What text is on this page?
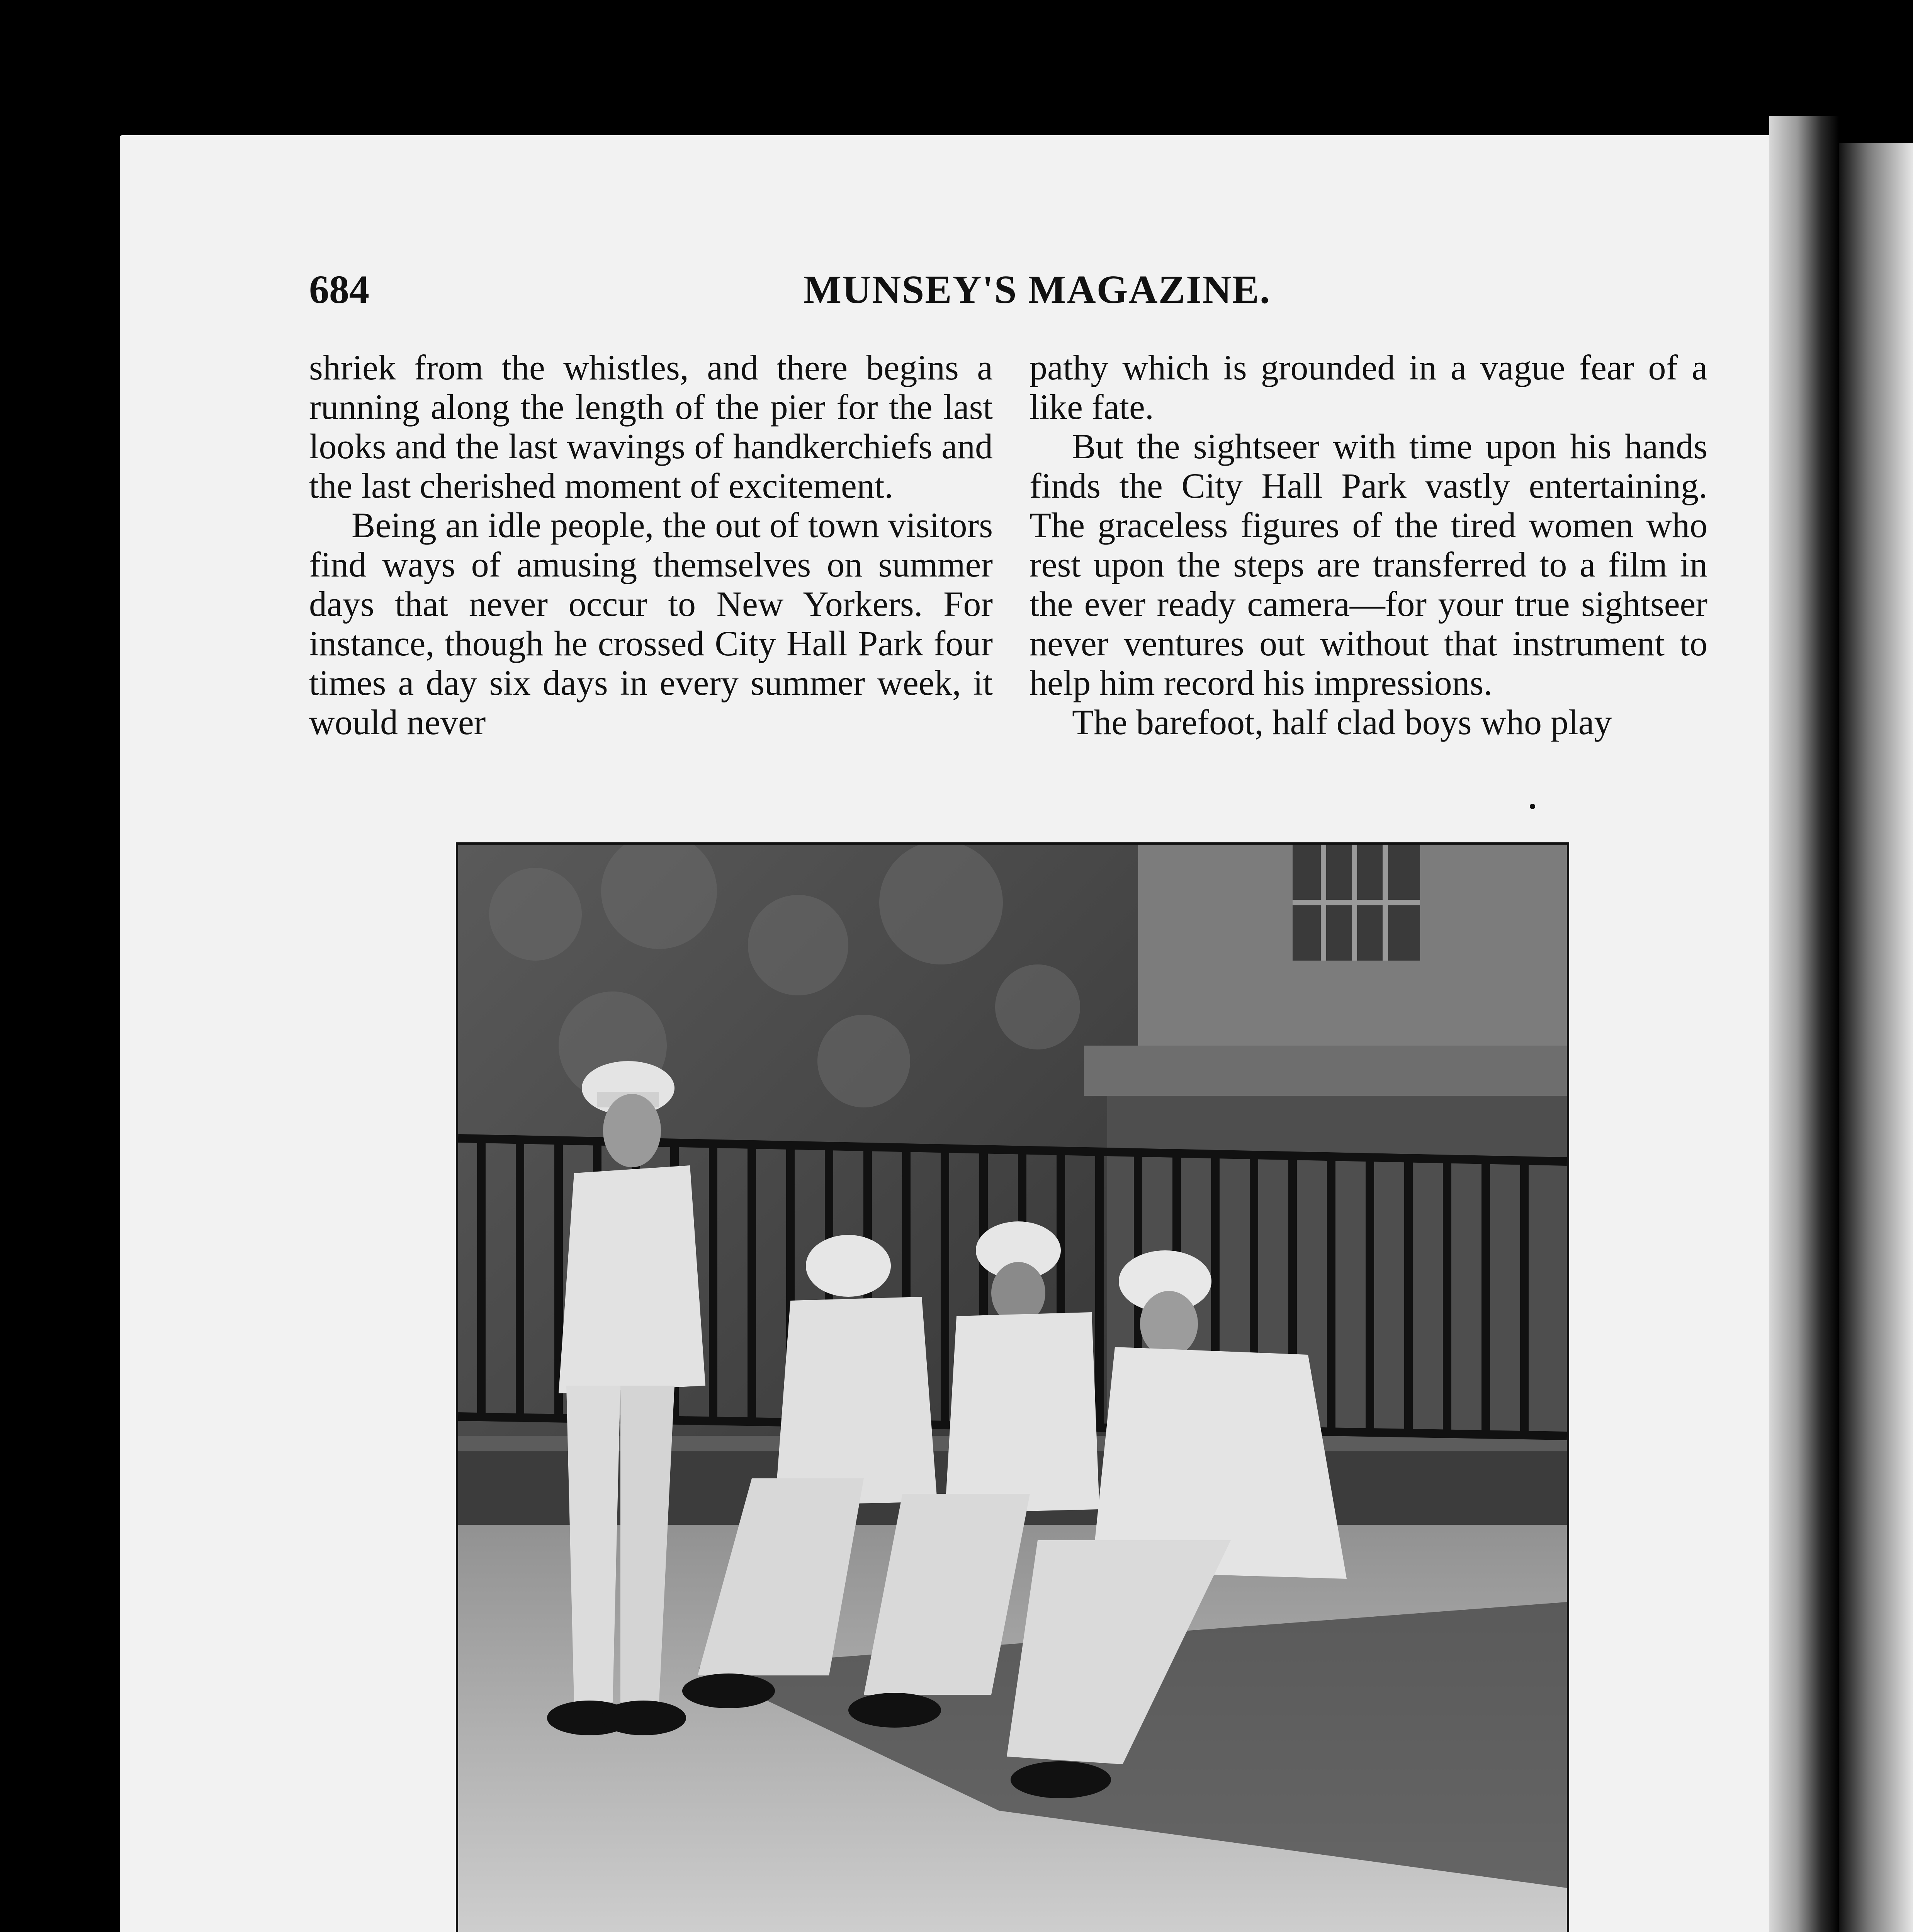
684	MUNSEY'S MAGAZINE.

shriek from the whistles, and there begins a running along the length of the pier for the last looks and the last wavings of handkerchiefs and the last cherished moment of excitement.

Being an idle people, the out of town visitors find ways of amusing themselves on summer days that never occur to New Yorkers. For instance, though he crossed City Hall Park four times a day six days in every summer week, it would never

pathy which is grounded in a vague fear of a like fate.

But the sightseer with time upon his hands finds the City Hall Park vastly entertaining. The graceless figures of the tired women who rest upon the steps are transferred to a film in the ever ready camera—for your true sightseer never ventures out without that instrument to help him record his impressions.

The barefoot, half clad boys who play
